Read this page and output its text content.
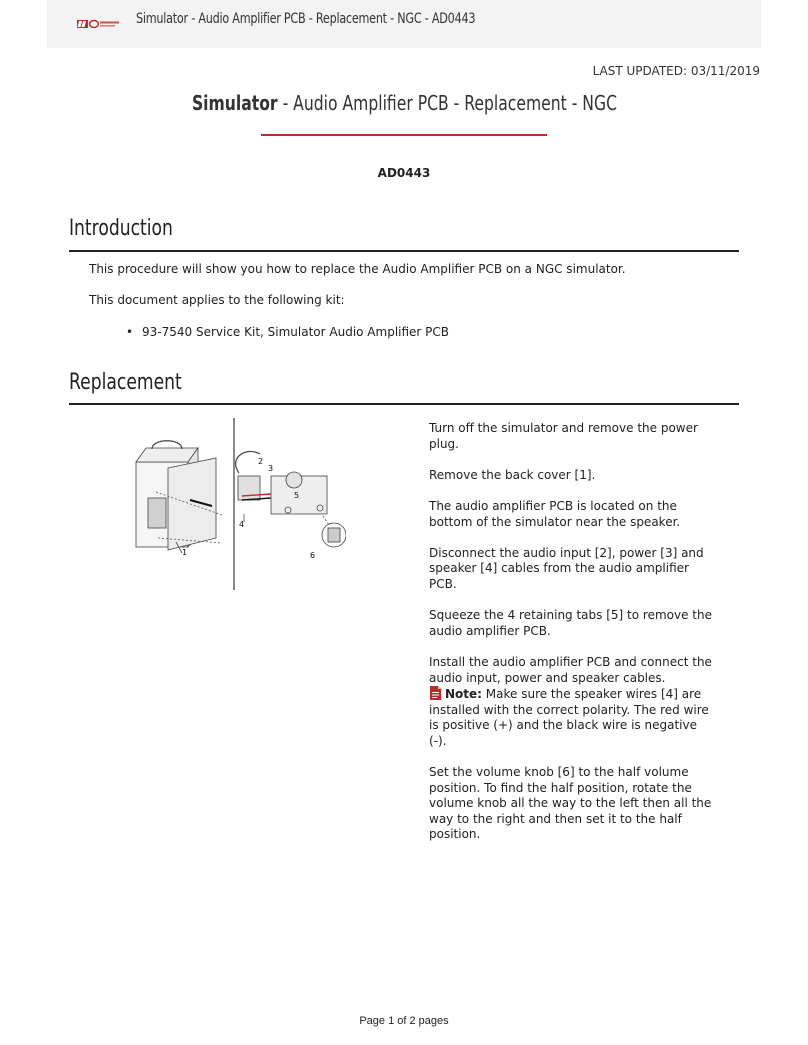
Simulator - Audio Amplifier PCB - Replacement - NGC - AD0443
LAST UPDATED: 03/11/2019
Simulator - Audio Amplifier PCB - Replacement - NGC
AD0443
Introduction
This procedure will show you how to replace the Audio Amplifier PCB on a NGC simulator.
This document applies to the following kit:
• 93-7540 Service Kit, Simulator Audio Amplifier PCB
Replacement
1
2
3
4
5
6

Turn off the simulator and remove the power plug.

Remove the back cover [1].

The audio amplifier PCB is located on the bottom of the simulator near the speaker.

Disconnect the audio input [2], power [3] and speaker [4] cables from the audio amplifier PCB.

Squeeze the 4 retaining tabs [5] to remove the audio amplifier PCB.

Install the audio amplifier PCB and connect the audio input, power and speaker cables.
Note: Make sure the speaker wires [4] are installed with the correct polarity. The red wire is positive (+) and the black wire is negative (-).

Set the volume knob [6] to the half volume position. To find the half position, rotate the volume knob all the way to the left then all the way to the right and then set it to the half position.

Page 1 of 2 pages
